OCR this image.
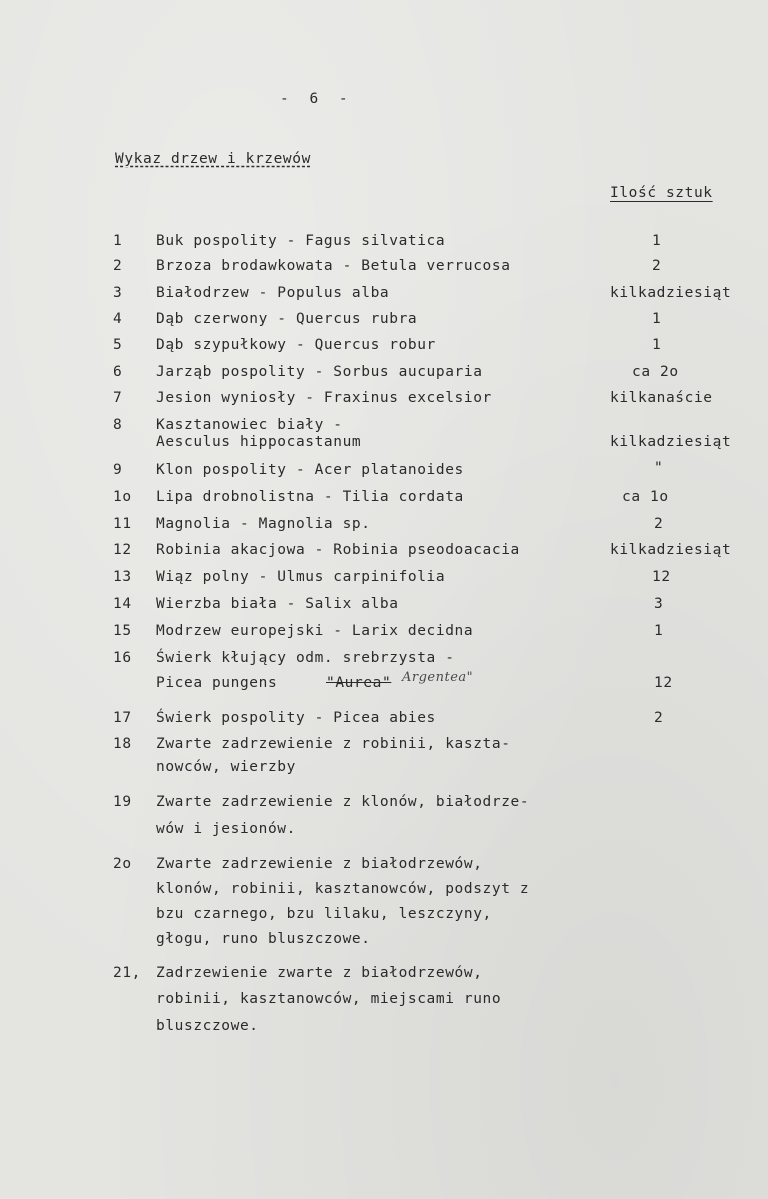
- 6 -
Wykaz drzew i krzewów
Ilość sztuk
1 Buk pospolity - Fagus silvatica	1
2 Brzoza brodawkowata - Betula verrucosa	2
3 Białodrzew - Populus alba	kilkadziesiąt
4 Dąb czerwony - Quercus rubra	1
5 Dąb szypułkowy - Quercus robur	1
6 Jarząb pospolity - Sorbus aucuparia	ca 2o
7 Jesion wyniosły - Fraxinus excelsior	kilkanaście
8 Kasztanowiec biały -
Aesculus hippocastanum	kilkadziesiąt
9 Klon pospolity - Acer platanoides	"
1o Lipa drobnolistna - Tilia cordata	ca 1o
11 Magnolia - Magnolia sp.	2
12 Robinia akacjowa - Robinia pseodoacacia	kilkadziesiąt
13 Wiąz polny - Ulmus carpinifolia	12
14 Wierzba biała - Salix alba	3
15 Modrzew europejski - Larix decidna	1
16 Świerk kłujący odm. srebrzysta -
Picea pungens	"Aurea" Argentea"	12
17 Świerk pospolity - Picea abies	2
18 Zwarte zadrzewienie z robinii, kaszta-
nowców, wierzby
19 Zwarte zadrzewienie z klonów, białodrze-
wów i jesionów.
2o Zwarte zadrzewienie z białodrzewów,
klonów, robinii, kasztanowców, podszyt z
bzu czarnego, bzu lilaku, leszczyny,
głogu, runo bluszczowe.
21, Zadrzewienie zwarte z białodrzewów,
robinii, kasztanowców, miejscami runo
bluszczowe.
